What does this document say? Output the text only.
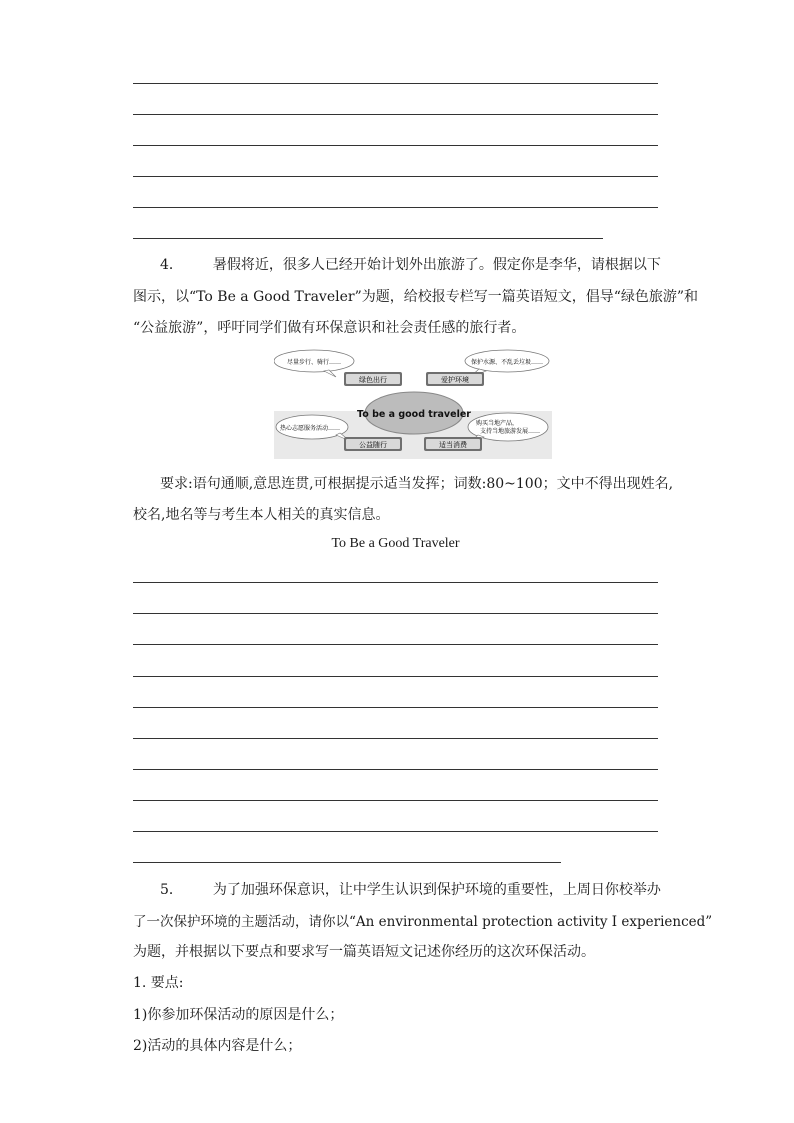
4． 暑假将近，很多人已经开始计划外出旅游了。假定你是李华，请根据以下
图示，以“To Be a Good Traveler”为题，给校报专栏写一篇英语短文，倡导“绿色旅游”和
“公益旅游”，呼吁同学们做有环保意识和社会责任感的旅行者。
To be a good traveler
尽量步行、骑行……	保护水源、不乱丢垃圾……
绿色出行	爱护环境
热心志愿服务活动……
购买当地产品，
支持当地旅游发展……
公益随行	适当消费
要求:语句通顺,意思连贯,可根据提示适当发挥；词数:80~100；文中不得出现姓名,
校名,地名等与考生本人相关的真实信息。
To Be a Good Traveler
5． 为了加强环保意识，让中学生认识到保护环境的重要性，上周日你校举办
了一次保护环境的主题活动，请你以“An environmental protection activity I experienced”
为题，并根据以下要点和要求写一篇英语短文记述你经历的这次环保活动。
1. 要点:
1)你参加环保活动的原因是什么；
2)活动的具体内容是什么；
